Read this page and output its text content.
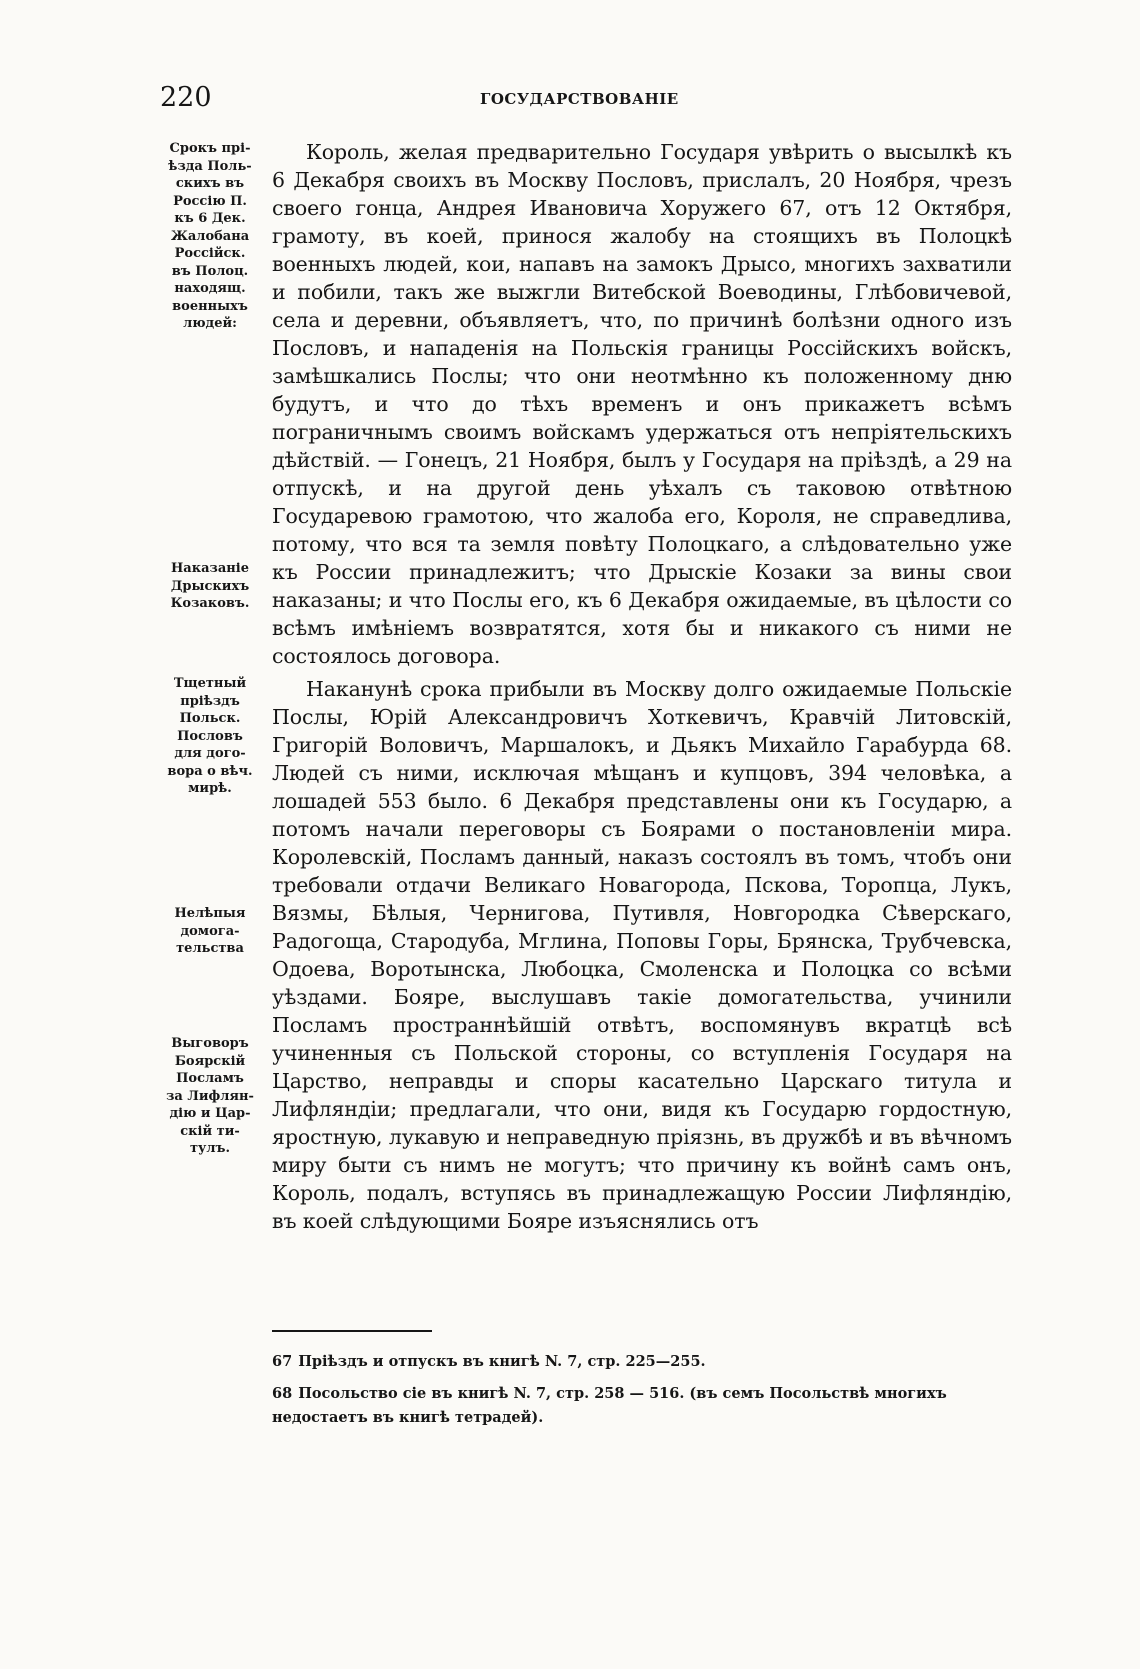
220	ГОСУДАРСТВОВАНІЕ
Срокъ прі-
ѣзда Поль-
скихъ въ
Россію П.
къ 6 Дек.
Жалобана
Россійск.
въ Полоц.
находящ.
военныхъ
людей:
Наказаніе
Дрыскихъ
Козаковъ.
Тщетный
пріѣздъ
Польск.
Пословъ
для дого-
вора о вѣч.
мирѣ.
Нелѣпыя
домога-
тельства
Выговоръ
Боярскій
Посламъ
за Лифлян-
дію и Цар-
скій ти-
тулъ.

Король, желая предварительно Государя увѣрить о высылкѣ къ 6 Декабря своихъ въ Москву Пословъ, прислалъ, 20 Ноября, чрезъ своего гонца, Андрея Ивановича Хоружего 67, отъ 12 Октября, грамоту, въ коей, принося жалобу на стоящихъ въ Полоцкѣ военныхъ людей, кои, напавъ на замокъ Дрысо, многихъ захватили и побили, такъ же выжгли Витебской Воеводины, Глѣбовичевой, села и деревни, объявляетъ, что, по причинѣ болѣзни одного изъ Пословъ, и нападенія на Польскія границы Россійскихъ войскъ, замѣшкались Послы; что они неотмѣнно къ положенному дню будутъ, и что до тѣхъ временъ и онъ прикажетъ всѣмъ пограничнымъ своимъ войскамъ удержаться отъ непріятельскихъ дѣйствій. — Гонецъ, 21 Ноября, былъ у Государя на пріѣздѣ, а 29 на отпускѣ, и на другой день уѣхалъ съ таковою отвѣтною Государевою грамотою, что жалоба его, Короля, не справедлива, потому, что вся та земля повѣту Полоцкаго, а слѣдовательно уже къ России принадлежитъ; что Дрыскіе Козаки за вины свои наказаны; и что Послы его, къ 6 Декабря ожидаемые, въ цѣлости со всѣмъ имѣніемъ возвратятся, хотя бы и никакого съ ними не состоялось договора.

Наканунѣ срока прибыли въ Москву долго ожидаемые Польскіе Послы, Юрій Александровичъ Хоткевичъ, Кравчій Литовскій, Григорій Воловичъ, Маршалокъ, и Дьякъ Михайло Гарабурда 68. Людей съ ними, исключая мѣщанъ и купцовъ, 394 человѣка, а лошадей 553 было. 6 Декабря представлены они къ Государю, а потомъ начали переговоры съ Боярами о постановленіи мира. Королевскій, Посламъ данный, наказъ состоялъ въ томъ, чтобъ они требовали отдачи Великаго Новагорода, Пскова, Торопца, Лукъ, Вязмы, Бѣлыя, Чернигова, Путивля, Новгородка Сѣверскаго, Радогоща, Стародуба, Мглина, Поповы Горы, Брянска, Трубчевска, Одоева, Воротынска, Любоцка, Смоленска и Полоцка со всѣми уѣздами. Бояре, выслушавъ такіе домогательства, учинили Посламъ пространнѣйшій отвѣтъ, воспомянувъ вкратцѣ всѣ учиненныя съ Польской стороны, со вступленія Государя на Царство, неправды и споры касательно Царскаго титула и Лифляндіи; предлагали, что они, видя къ Государю гордостную, яростную, лукавую и неправедную пріязнь, въ дружбѣ и въ вѣчномъ миру быти съ нимъ не могутъ; что причину къ войнѣ самъ онъ, Король, подалъ, вступясь въ принадлежащую России Лифляндію, въ коей слѣдующими Бояре изъяснялись отъ

67 Пріѣздъ и отпускъ въ книгѣ N. 7, стр. 225—255.

68 Посольство сіе въ книгѣ N. 7, стр. 258 — 516. (въ семъ Посольствѣ многихъ недостаетъ въ книгѣ тетрадей).
